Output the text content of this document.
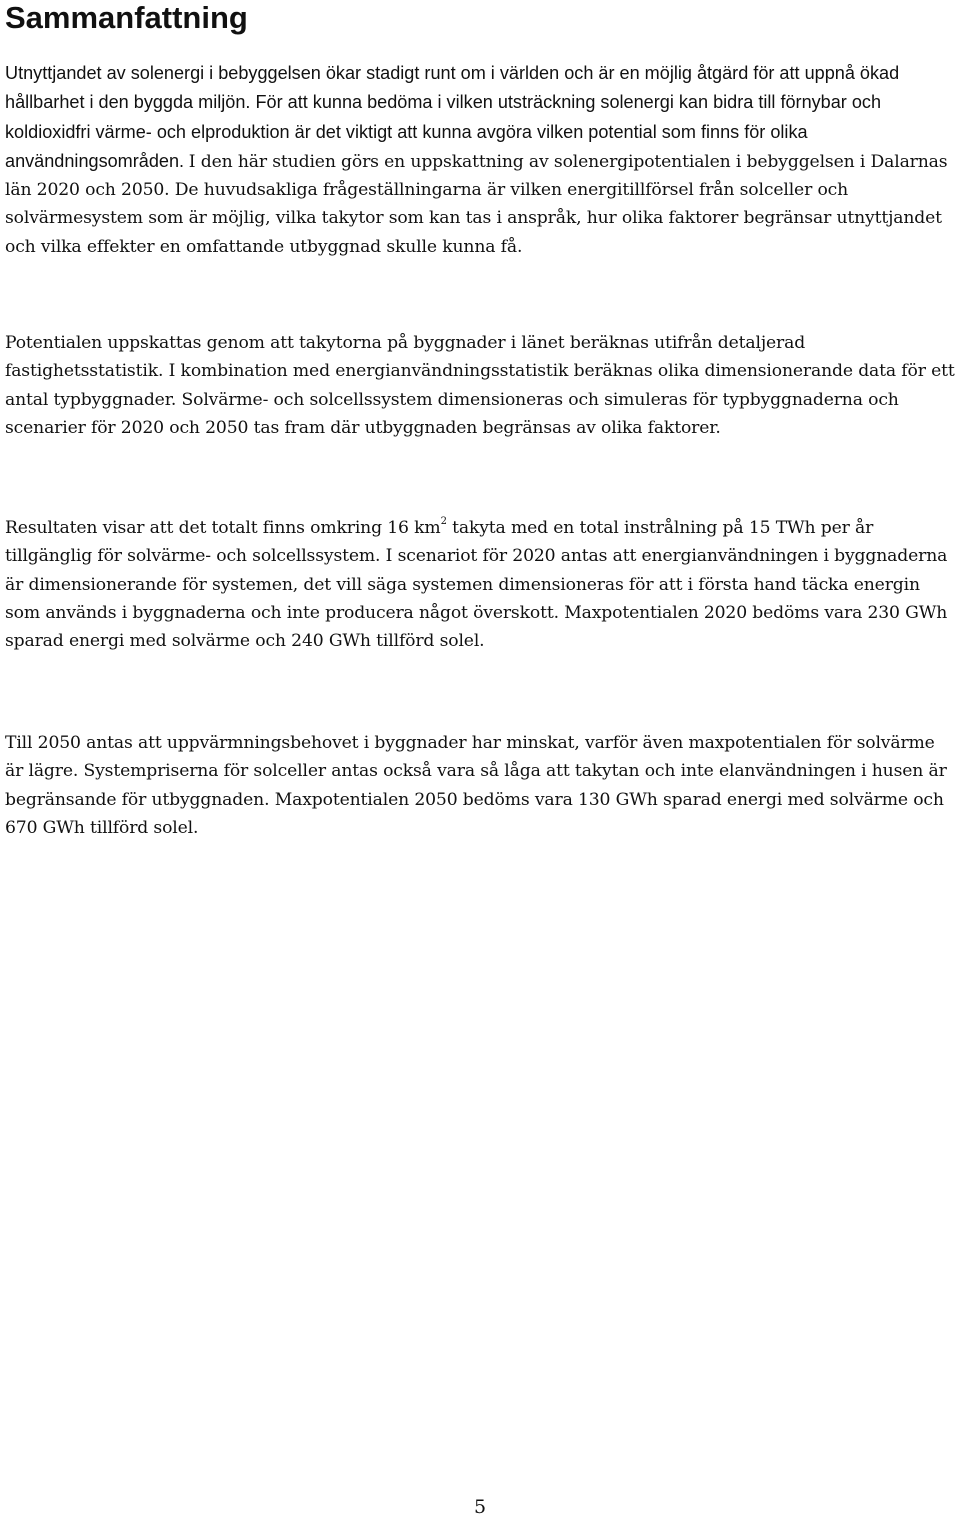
Sammanfattning

Utnyttjandet av solenergi i bebyggelsen ökar stadigt runt om i världen och är en möjlig åtgärd för att uppnå ökad hållbarhet i den byggda miljön. För att kunna bedöma i vilken utsträckning solenergi kan bidra till förnybar och koldioxidfri värme- och elproduktion är det viktigt att kunna avgöra vilken potential som finns för olika användningsområden. I den här studien görs en uppskattning av solenergipotentialen i bebyggelsen i Dalarnas län 2020 och 2050. De huvudsakliga frågeställningarna är vilken energitillförsel från solceller och solvärmesystem som är möjlig, vilka takytor som kan tas i anspråk, hur olika faktorer begränsar utnyttjandet och vilka effekter en omfattande utbyggnad skulle kunna få.

Potentialen uppskattas genom att takytorna på byggnader i länet beräknas utifrån detaljerad fastighetsstatistik. I kombination med energianvändningsstatistik beräknas olika dimensionerande data för ett antal typbyggnader. Solvärme- och solcellssystem dimensioneras och simuleras för typbyggnaderna och scenarier för 2020 och 2050 tas fram där utbyggnaden begränsas av olika faktorer.

Resultaten visar att det totalt finns omkring 16 $km^2$ takyta med en total instrålning på 15 TWh per år tillgänglig för solvärme- och solcellssystem. I scenariot för 2020 antas att energianvändningen i byggnaderna är dimensionerande för systemen, det vill säga systemen dimensioneras för att i första hand täcka energin som används i byggnaderna och inte producera något överskott. Maxpotentialen 2020 bedöms vara 230 GWh sparad energi med solvärme och 240 GWh tillförd solel.

Till 2050 antas att uppvärmningsbehovet i byggnader har minskat, varför även maxpotentialen för solvärme är lägre. Systempriserna för solceller antas också vara så låga att takytan och inte elanvändningen i husen är begränsande för utbyggnaden. Maxpotentialen 2050 bedöms vara 130 GWh sparad energi med solvärme och 670 GWh tillförd solel.

5
